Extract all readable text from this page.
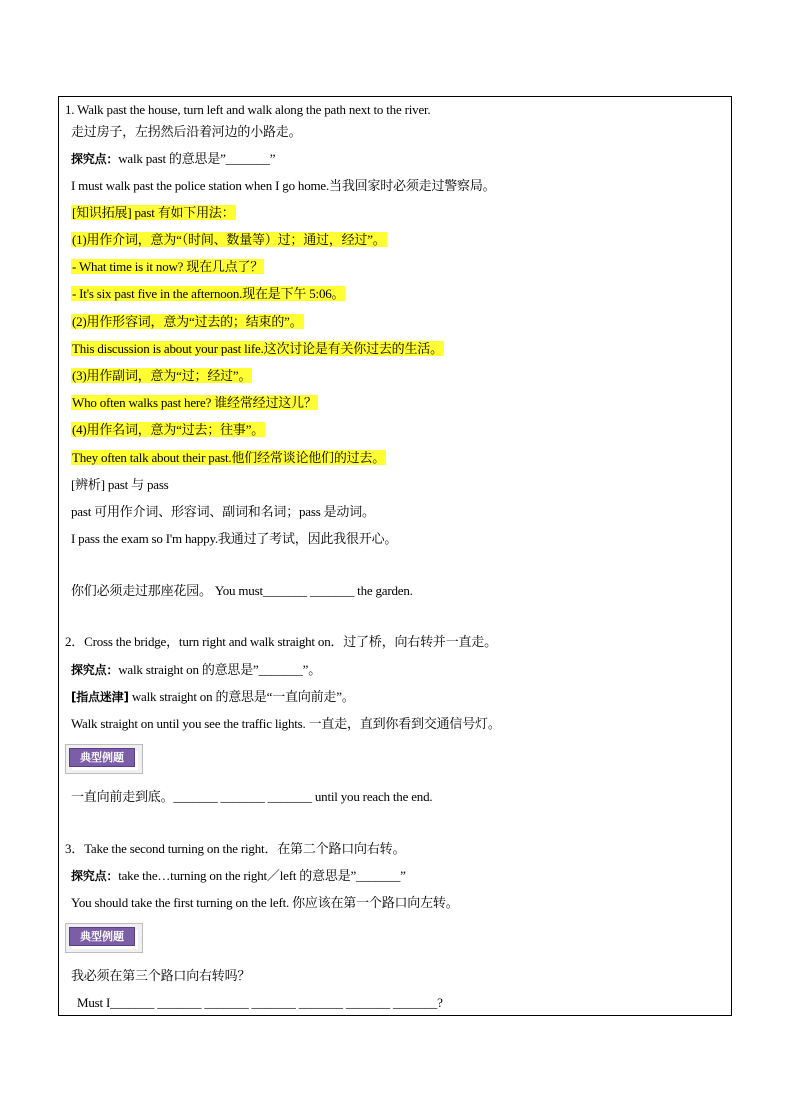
1. Walk past the house, turn left and walk along the path next to the river.
走过房子，左拐然后沿着河边的小路走。
探究点：walk past 的意思是”_______”
I must walk past the police station when I go home.当我回家时必须走过警察局。
[知识拓展] past 有如下用法：
(1)用作介词，意为“（时间、数量等）过；通过，经过”。
- What time is it now? 现在几点了？
- It's six past five in the afternoon.现在是下午 5:06。
(2)用作形容词，意为“过去的；结束的”。
This discussion is about your past life.这次讨论是有关你过去的生活。
(3)用作副词，意为“过；经过”。
Who often walks past here? 谁经常经过这儿？
(4)用作名词，意为“过去；往事”。
They often talk about their past.他们经常谈论他们的过去。
[辨析] past 与 pass
past 可用作介词、形容词、副词和名词；pass 是动词。
I pass the exam so I'm happy.我通过了考试，因此我很开心。
你们必须走过那座花园。 You must_______ _______ the garden.
2．Cross the bridge，turn right and walk straight on．过了桥，向右转并一直走。
探究点：walk straight on 的意思是”_______”。
[指点迷津] walk straight on 的意思是“一直向前走”。
Walk straight on until you see the traffic lights. 一直走，直到你看到交通信号灯。
典型例题
一直向前走到底。_______ _______ _______ until you reach the end.
3．Take the second turning on the right．在第二个路口向右转。
探究点：take the…turning on the right／left 的意思是”_______”
You should take the first turning on the left. 你应该在第一个路口向左转。
典型例题
我必须在第三个路口向右转吗？
Must I_______ _______ _______ _______ _______ _______ _______?
